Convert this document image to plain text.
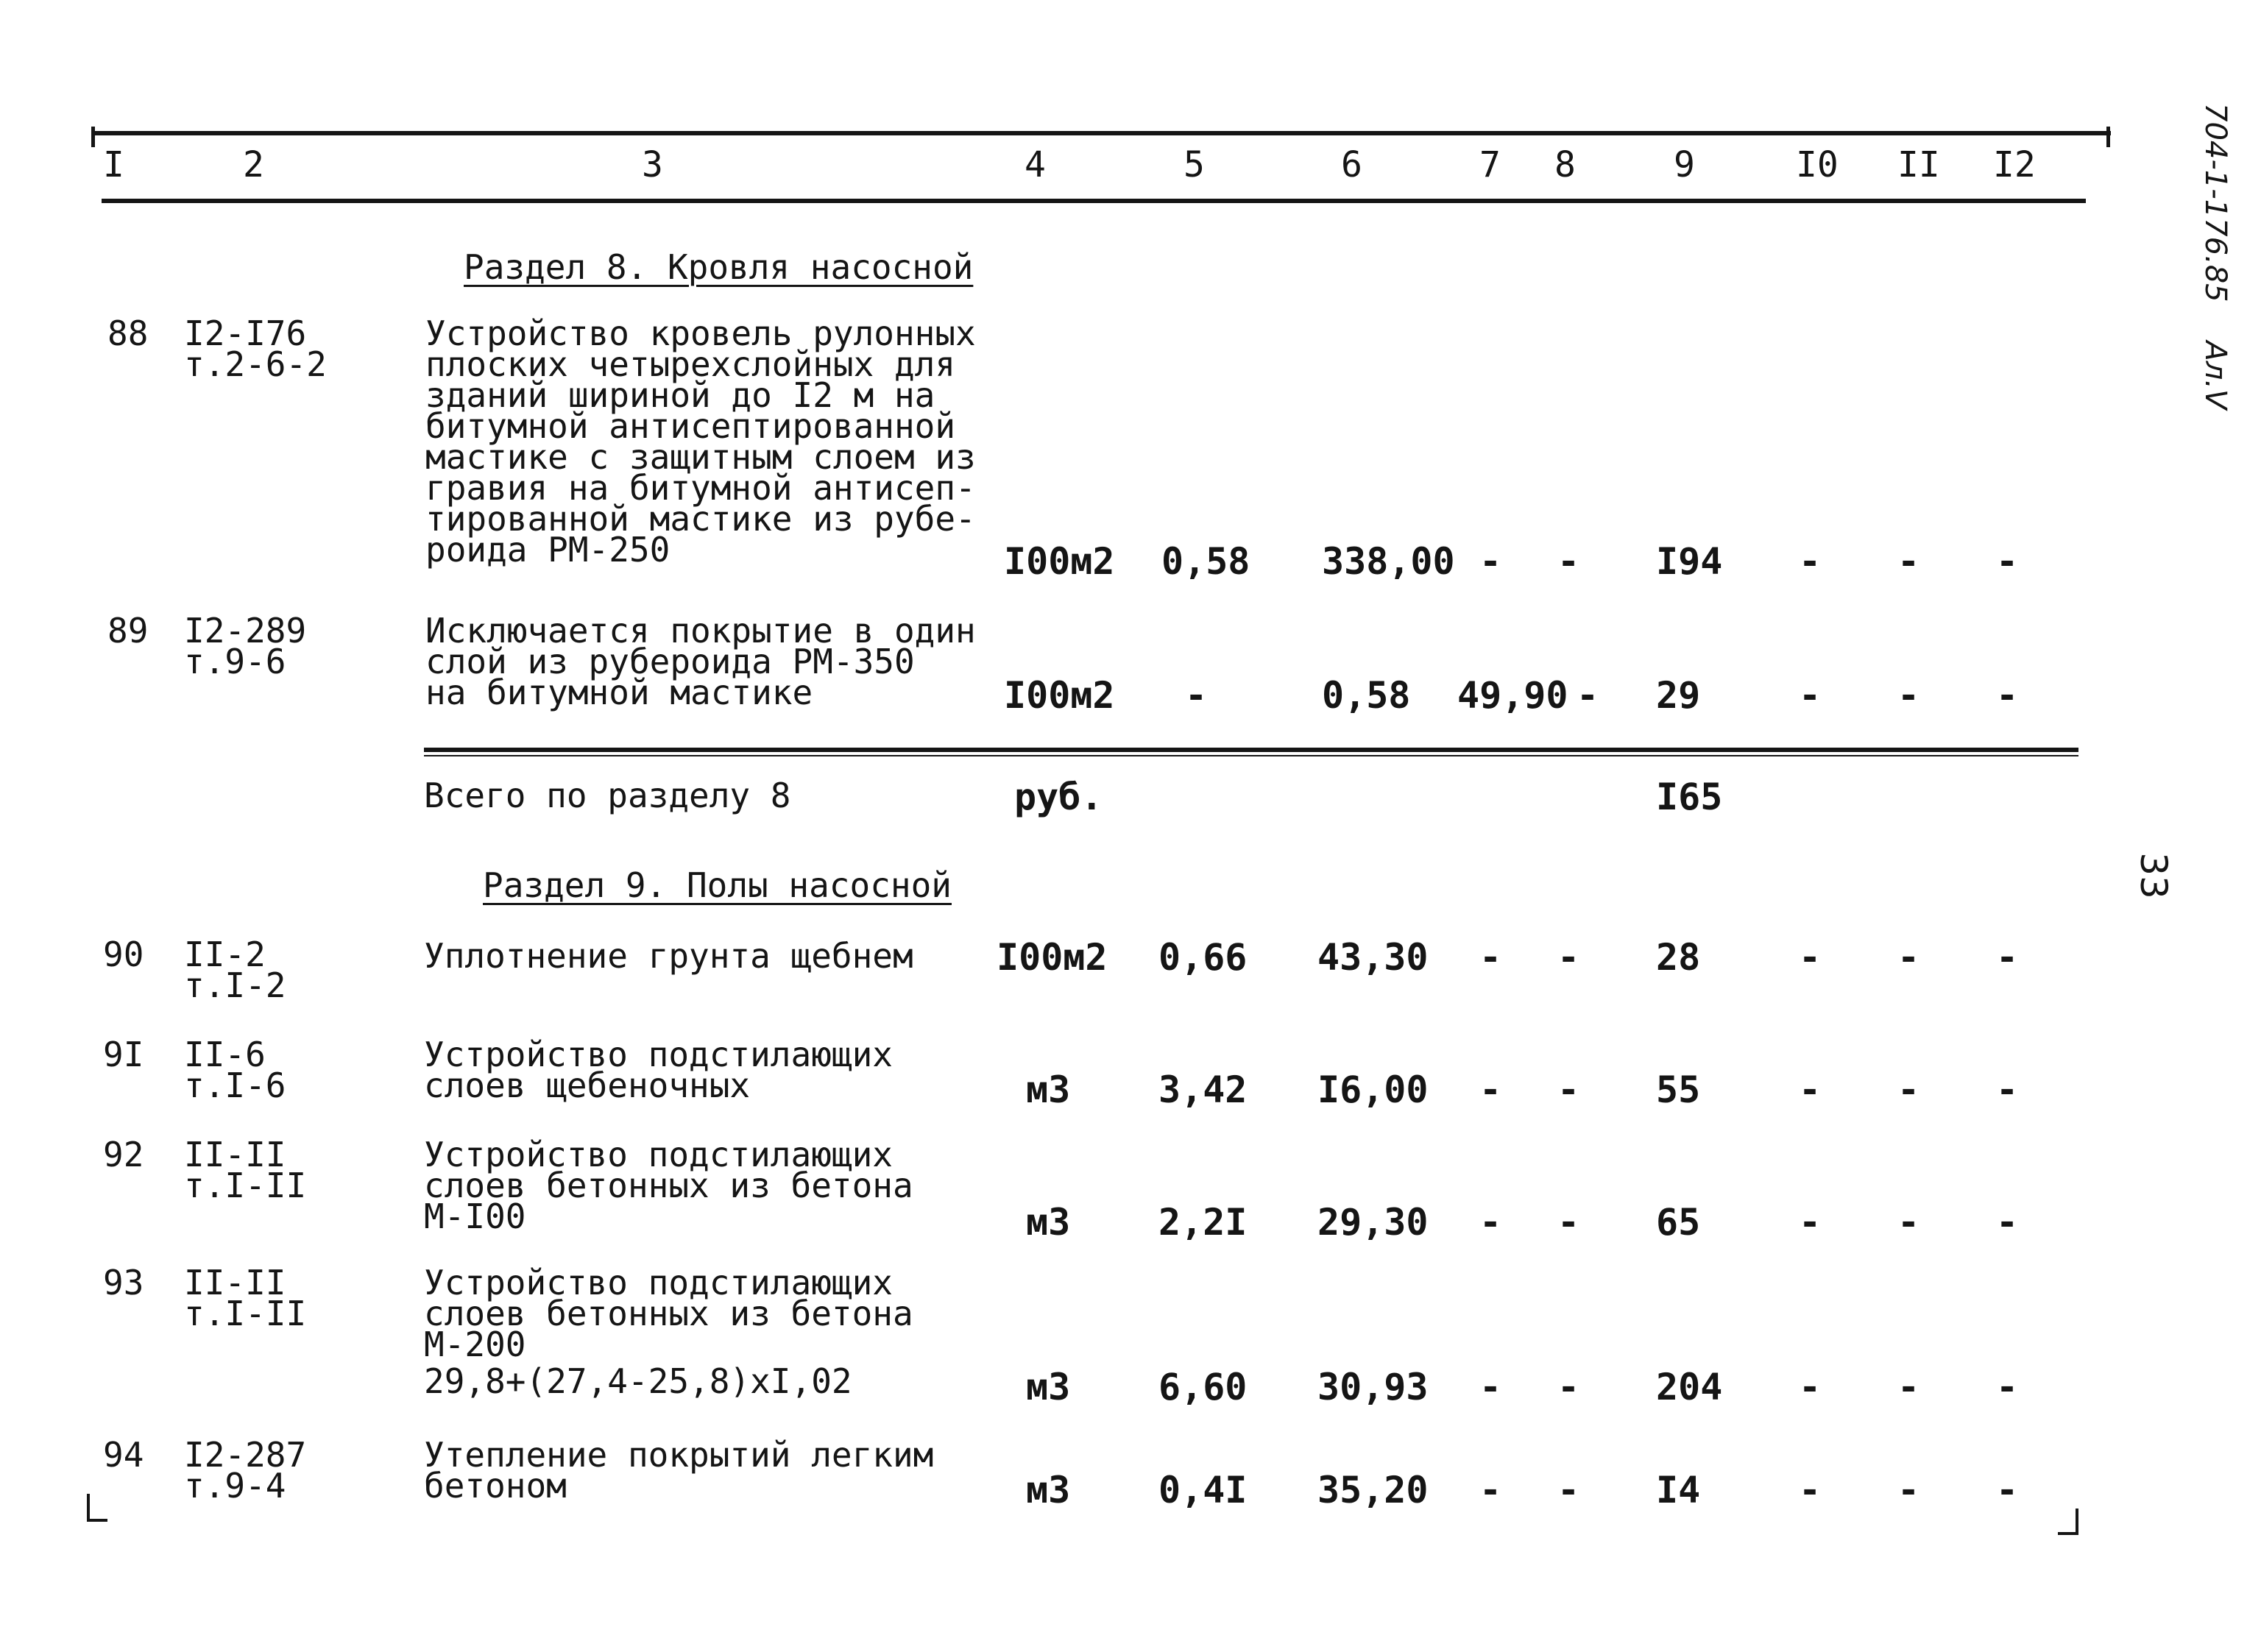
I	2	3	4	5	6	7 8	9	I0 II I2
Раздел 8. Кровля насосной
88 I2-I76
т.2-6-2
Устройство кровель рулонных
плоских четырехслойных для
зданий шириной до I2 м на
битумной антисептированной
мастике с защитным слоем из
гравия на битумной антисеп-
тированной мастике из рубе-
роида РМ-250	I00м2 0,58 338,00 - - I94 - - -
89 I2-289
т.9-6
Исключается покрытие в один
слой из рубероида РМ-350
на битумной мастике	I00м2 -	0,58 49,90 - 29	- - -
Всего по разделу 8	руб.	I65
Раздел 9. Полы насосной
90 II-2
т.I-2
Уплотнение грунта щебнем I00м2 0,66 43,30 - - 28	- - -
9I II-6
т.I-6
Устройство подстилающих
слоев щебеночных	м3 3,42 I6,00 - - 55	- - -
92 II-II
т.I-II
Устройство подстилающих
слоев бетонных из бетона
М-I00	м3 2,2I 29,30 - - 65	- - -
93 II-II
т.I-II
Устройство подстилающих
слоев бетонных из бетона
М-200
29,8+(27,4-25,8)хI,02	м3 6,60 30,93 - - 204 - - -
94 I2-287
т.9-4
Утепление покрытий легким
бетоном	м3 0,4I 35,20 - - I4	- - -
704-1-176.85 Ал.V
33
